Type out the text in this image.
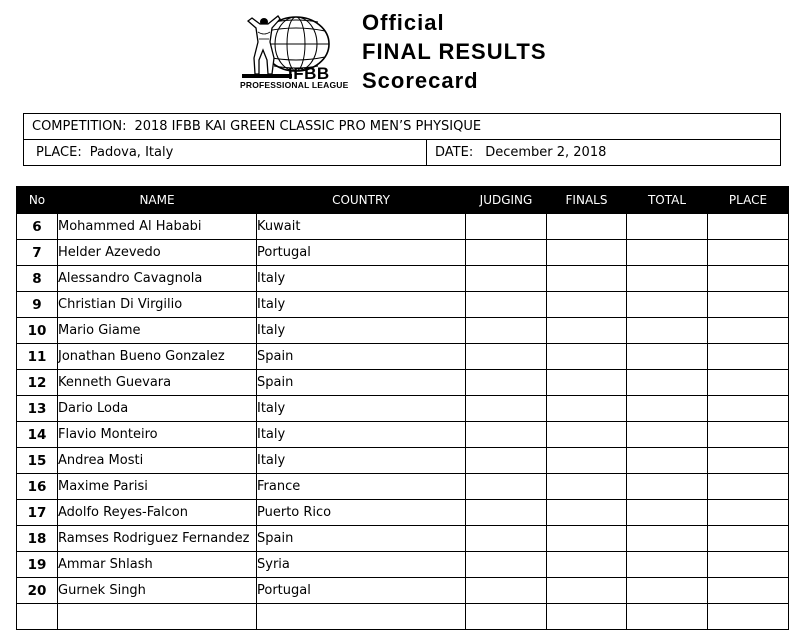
IFBB
PROFESSIONAL LEAGUE
Official
FINAL RESULTS
Scorecard
COMPETITION: 2018 IFBB KAI GREEN CLASSIC PRO MEN’S PHYSIQUE
PLACE: Padova, Italy	DATE: December 2, 2018
No	NAME	COUNTRY	JUDGING	FINALS	TOTAL	PLACE
6	Mohammed Al Hababi	Kuwait				
7	Helder Azevedo	Portugal				
8	Alessandro Cavagnola	Italy				
9	Christian Di Virgilio	Italy				
10	Mario Giame	Italy				
11	Jonathan Bueno Gonzalez	Spain				
12	Kenneth Guevara	Spain				
13	Dario Loda	Italy				
14	Flavio Monteiro	Italy				
15	Andrea Mosti	Italy				
16	Maxime Parisi	France				
17	Adolfo Reyes-Falcon	Puerto Rico				
18	Ramses Rodriguez Fernandez	Spain				
19	Ammar Shlash	Syria				
20	Gurnek Singh	Portugal				
